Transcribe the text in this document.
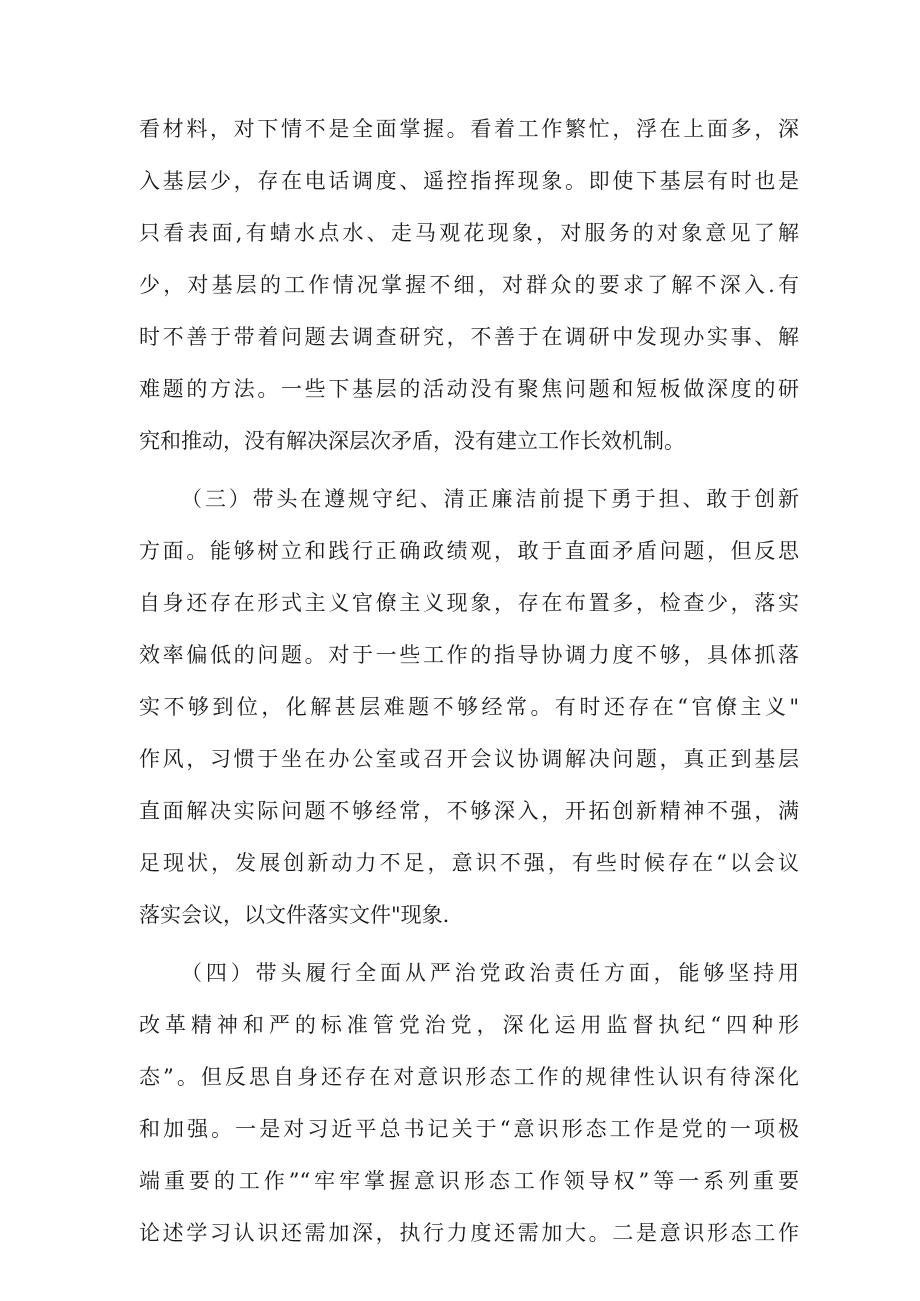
看材料，对下情不是全面掌握。看着工作繁忙，浮在上面多，深
入基层少，存在电话调度、遥控指挥现象。即使下基层有时也是
只看表面,有蜻水点水、走马观花现象，对服务的对象意见了解
少，对基层的工作情况掌握不细，对群众的要求了解不深入.有
时不善于带着问题去调查研究，不善于在调研中发现办实事、解
难题的方法。一些下基层的活动没有聚焦问题和短板做深度的研
究和推动，没有解决深层次矛盾，没有建立工作长效机制。
（三）带头在遵规守纪、清正廉洁前提下勇于担、敢于创新
方面。能够树立和践行正确政绩观，敢于直面矛盾问题，但反思
自身还存在形式主义官僚主义现象，存在布置多，检查少，落实
效率偏低的问题。对于一些工作的指导协调力度不够，具体抓落
实不够到位，化解甚层难题不够经常。有时还存在“官僚主义"
作风，习惯于坐在办公室或召开会议协调解决问题，真正到基层
直面解决实际问题不够经常，不够深入，开拓创新精神不强，满
足现状，发展创新动力不足，意识不强，有些时候存在“以会议
落实会议，以文件落实文件"现象.
（四）带头履行全面从严治党政治责任方面，能够坚持用
改革精神和严的标准管党治党，深化运用监督执纪“四种形
态”。但反思自身还存在对意识形态工作的规律性认识有待深化
和加强。一是对习近平总书记关于“意识形态工作是党的一项极
端重要的工作”“牢牢掌握意识形态工作领导权”等一系列重要
论述学习认识还需加深，执行力度还需加大。二是意识形态工作
